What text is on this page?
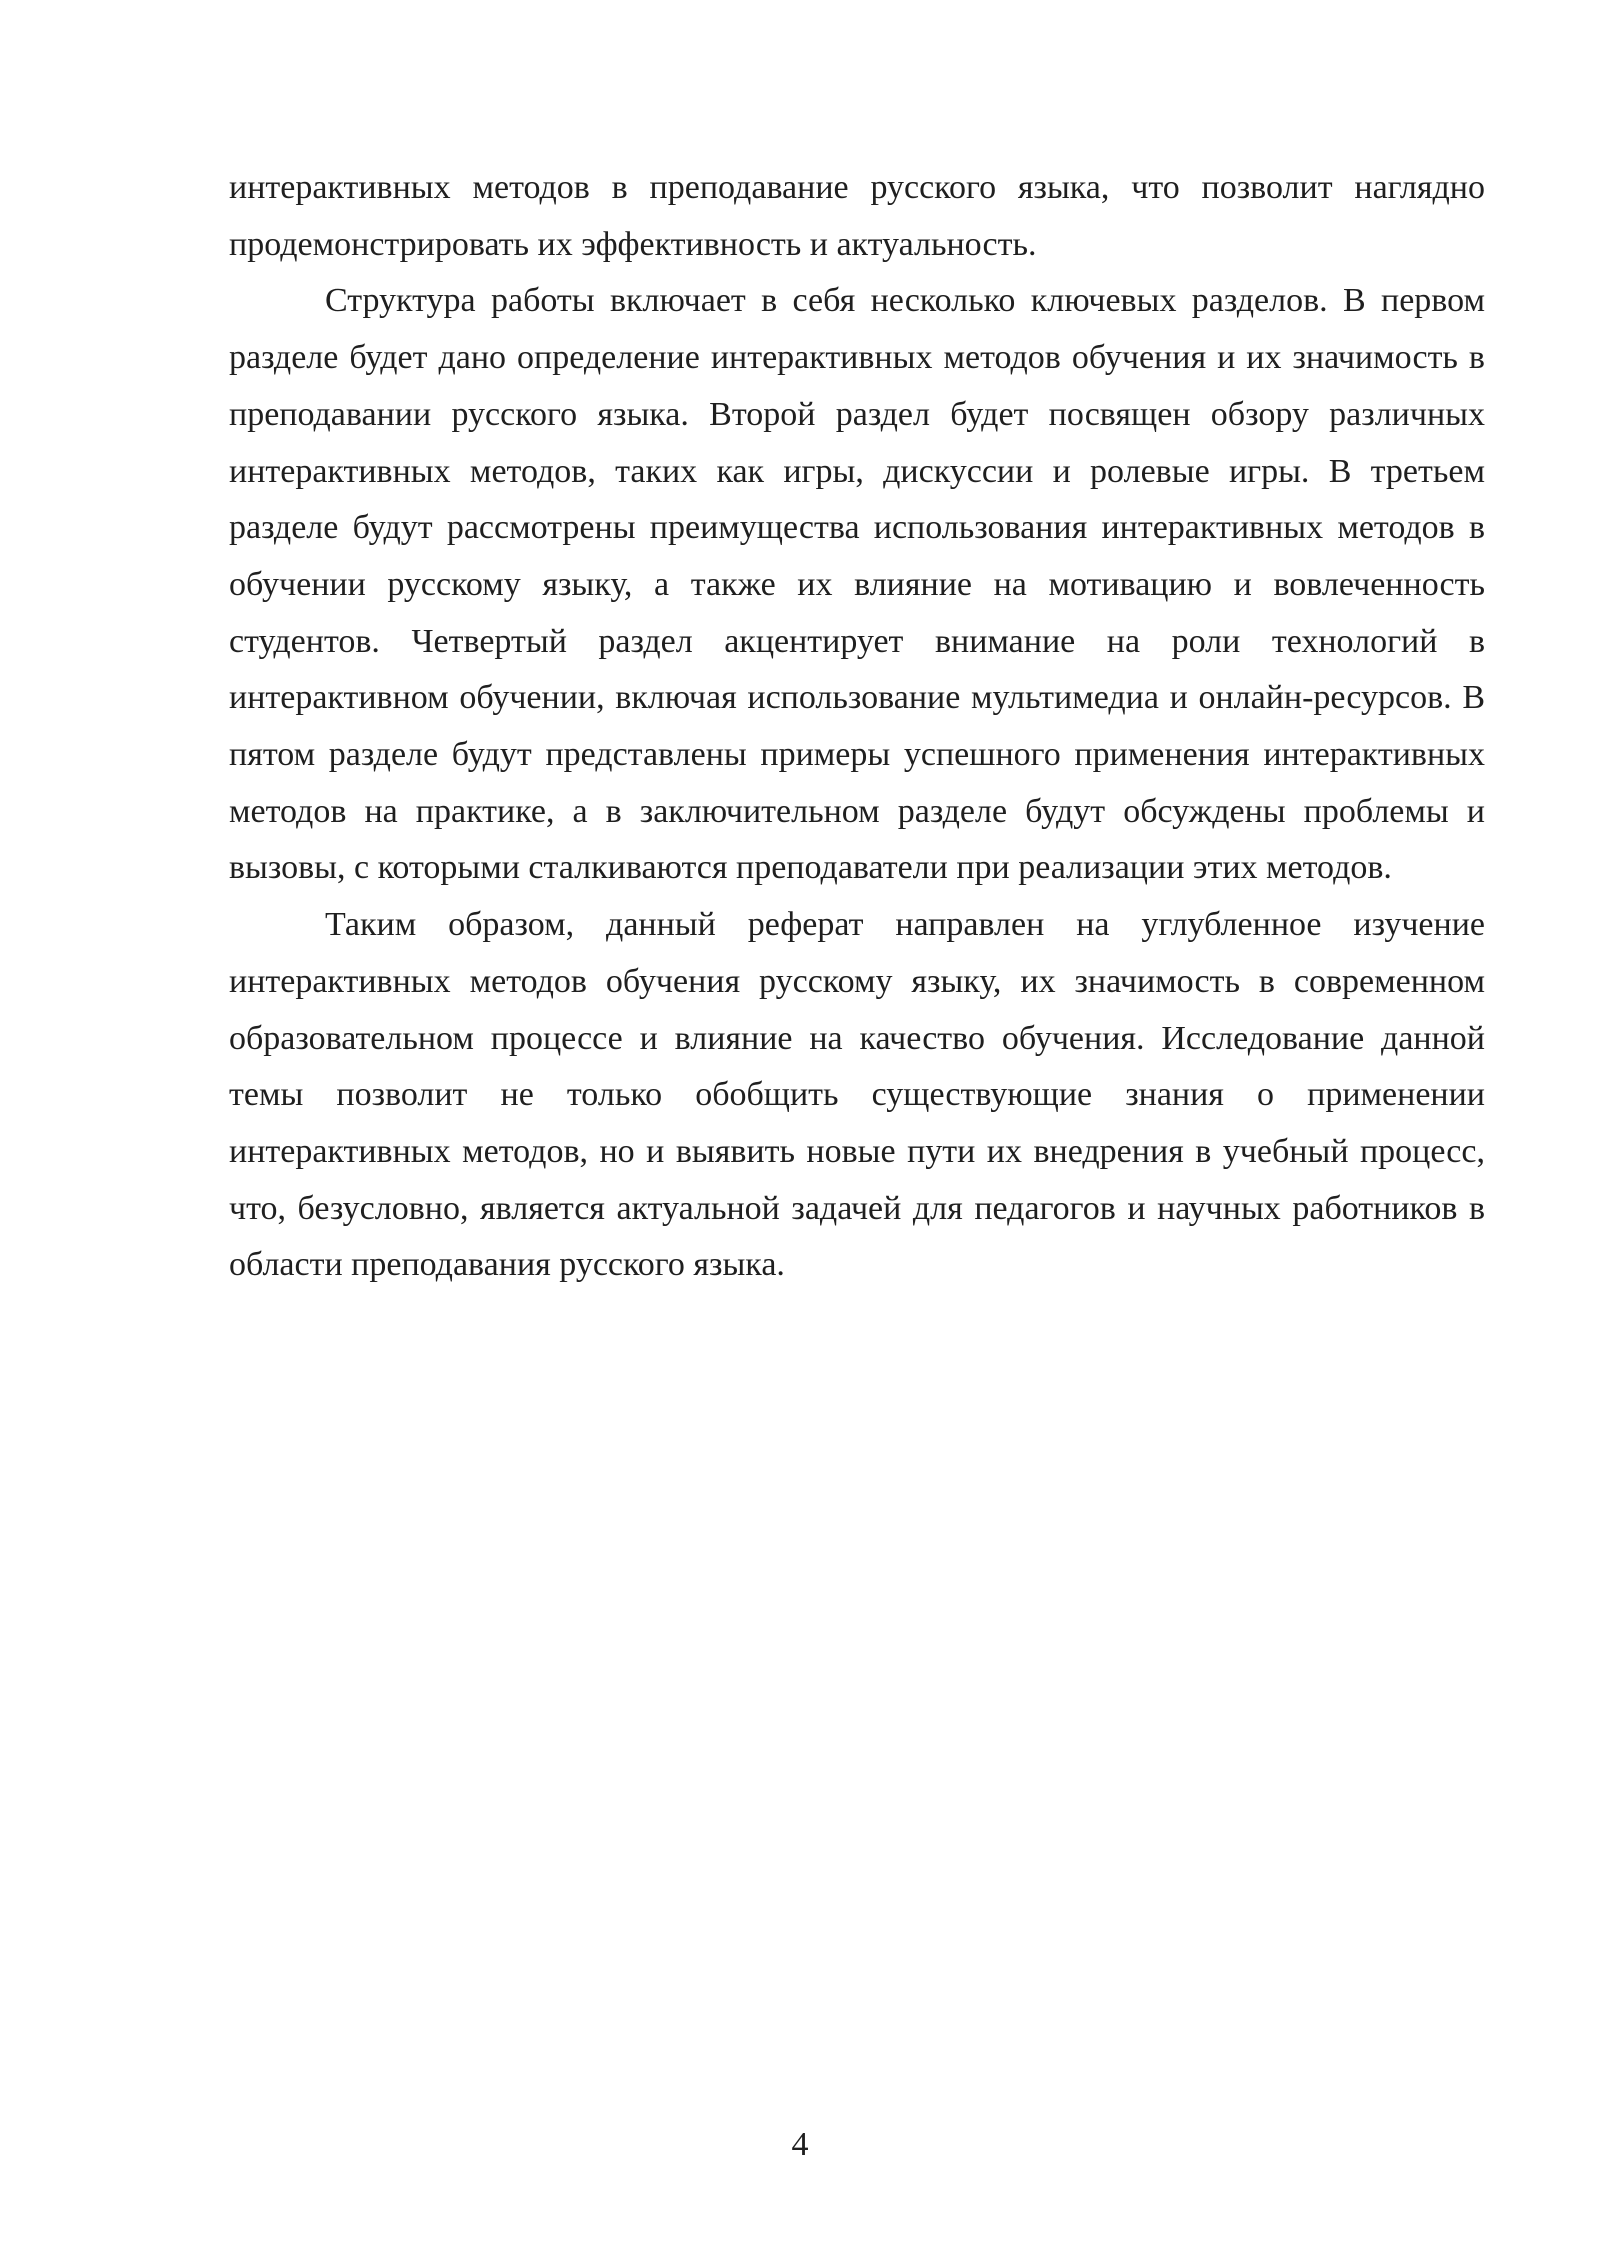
интерактивных методов в преподавание русского языка, что позволит наглядно продемонстрировать их эффективность и актуальность.

Структура работы включает в себя несколько ключевых разделов. В первом разделе будет дано определение интерактивных методов обучения и их значимость в преподавании русского языка. Второй раздел будет посвящен обзору различных интерактивных методов, таких как игры, дискуссии и ролевые игры. В третьем разделе будут рассмотрены преимущества использования интерактивных методов в обучении русскому языку, а также их влияние на мотивацию и вовлеченность студентов. Четвертый раздел акцентирует внимание на роли технологий в интерактивном обучении, включая использование мультимедиа и онлайн-ресурсов. В пятом разделе будут представлены примеры успешного применения интерактивных методов на практике, а в заключительном разделе будут обсуждены проблемы и вызовы, с которыми сталкиваются преподаватели при реализации этих методов.

Таким образом, данный реферат направлен на углубленное изучение интерактивных методов обучения русскому языку, их значимость в современном образовательном процессе и влияние на качество обучения. Исследование данной темы позволит не только обобщить существующие знания о применении интерактивных методов, но и выявить новые пути их внедрения в учебный процесс, что, безусловно, является актуальной задачей для педагогов и научных работников в области преподавания русского языка.

4
